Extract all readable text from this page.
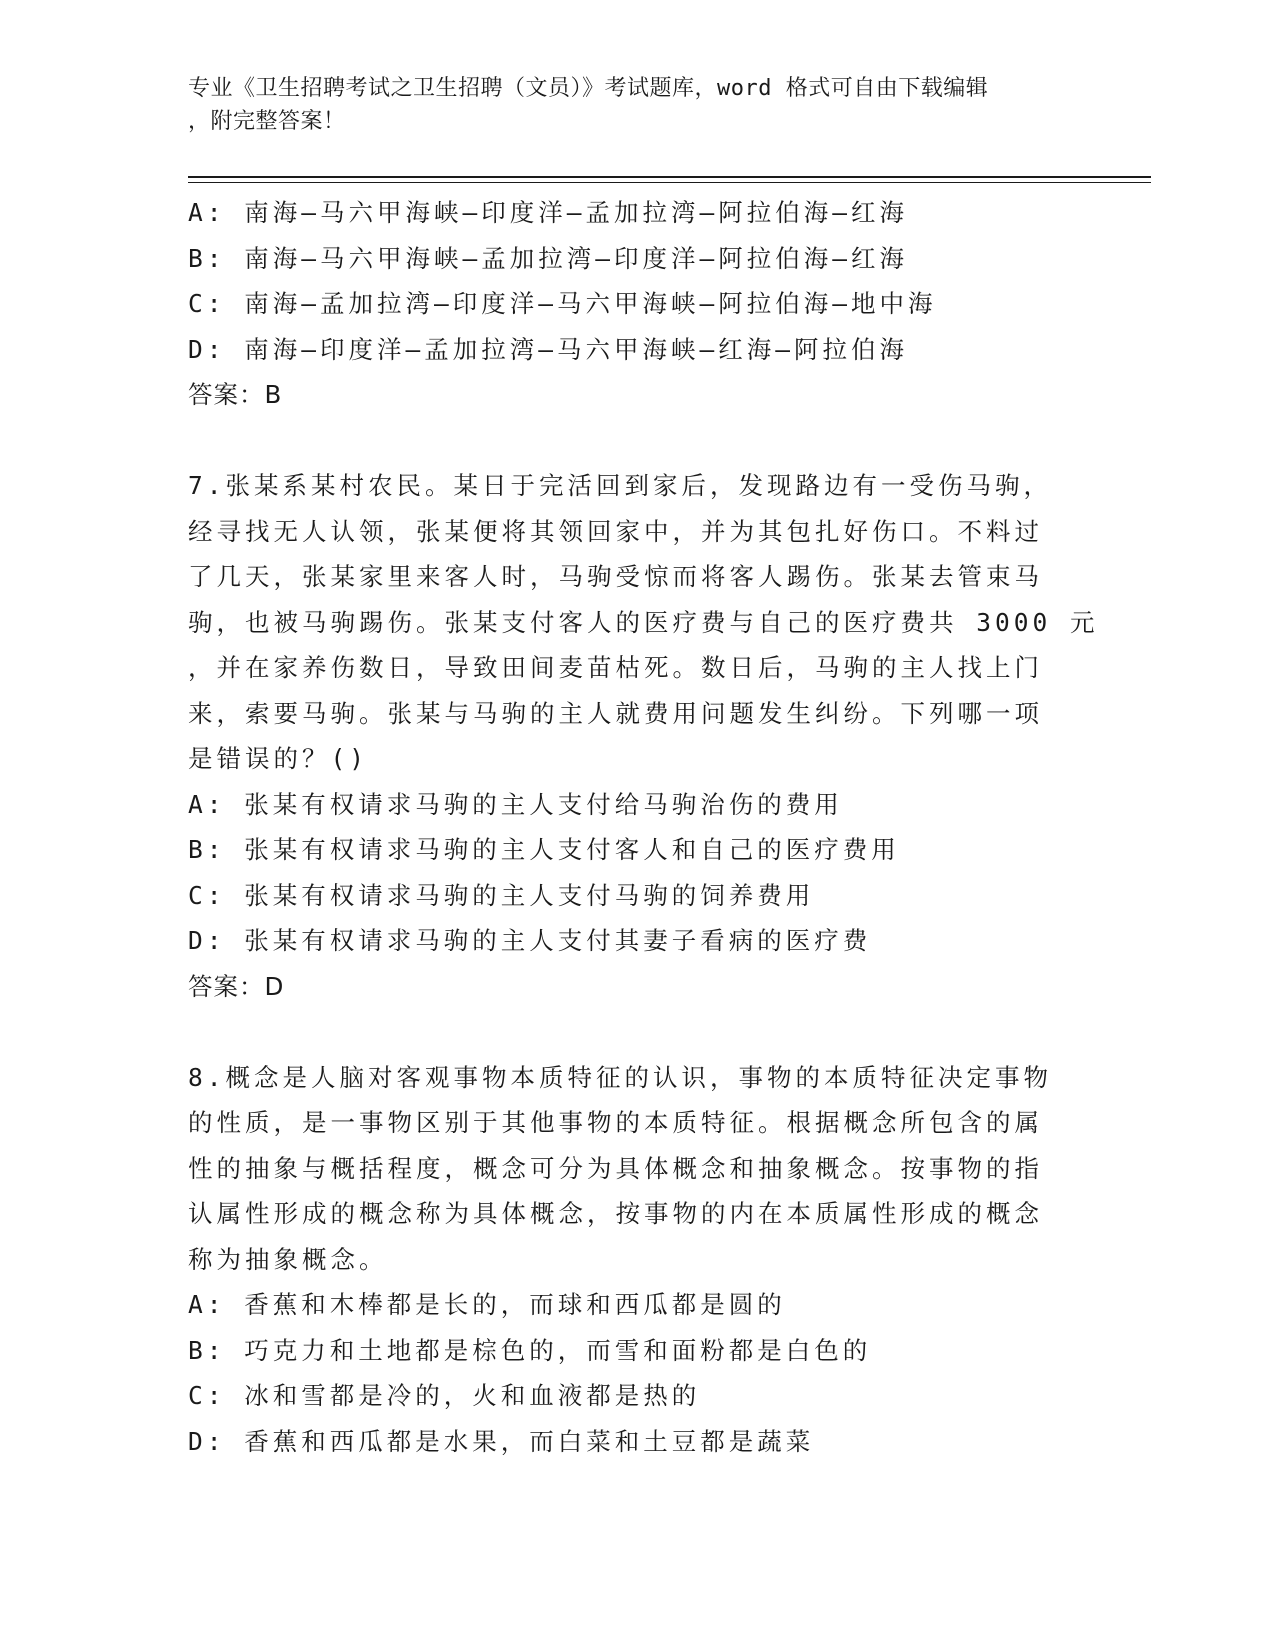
专业《卫生招聘考试之卫生招聘（文员）》考试题库，word 格式可自由下载编辑
，附完整答案！
A: 南海—马六甲海峡—印度洋—孟加拉湾—阿拉伯海—红海
B: 南海—马六甲海峡—孟加拉湾—印度洋—阿拉伯海—红海
C: 南海—孟加拉湾—印度洋—马六甲海峡—阿拉伯海—地中海
D: 南海—印度洋—孟加拉湾—马六甲海峡—红海—阿拉伯海
答案：B
7.张某系某村农民。某日于完活回到家后，发现路边有一受伤马驹，
经寻找无人认领，张某便将其领回家中，并为其包扎好伤口。不料过
了几天，张某家里来客人时，马驹受惊而将客人踢伤。张某去管束马
驹，也被马驹踢伤。张某支付客人的医疗费与自己的医疗费共 3000 元
，并在家养伤数日，导致田间麦苗枯死。数日后，马驹的主人找上门
来，索要马驹。张某与马驹的主人就费用问题发生纠纷。下列哪一项
是错误的？()
A: 张某有权请求马驹的主人支付给马驹治伤的费用
B: 张某有权请求马驹的主人支付客人和自己的医疗费用
C: 张某有权请求马驹的主人支付马驹的饲养费用
D: 张某有权请求马驹的主人支付其妻子看病的医疗费
答案：D
8.概念是人脑对客观事物本质特征的认识，事物的本质特征决定事物
的性质，是一事物区别于其他事物的本质特征。根据概念所包含的属
性的抽象与概括程度，概念可分为具体概念和抽象概念。按事物的指
认属性形成的概念称为具体概念，按事物的内在本质属性形成的概念
称为抽象概念。
A: 香蕉和木棒都是长的，而球和西瓜都是圆的
B: 巧克力和土地都是棕色的，而雪和面粉都是白色的
C: 冰和雪都是冷的，火和血液都是热的
D: 香蕉和西瓜都是水果，而白菜和土豆都是蔬菜
